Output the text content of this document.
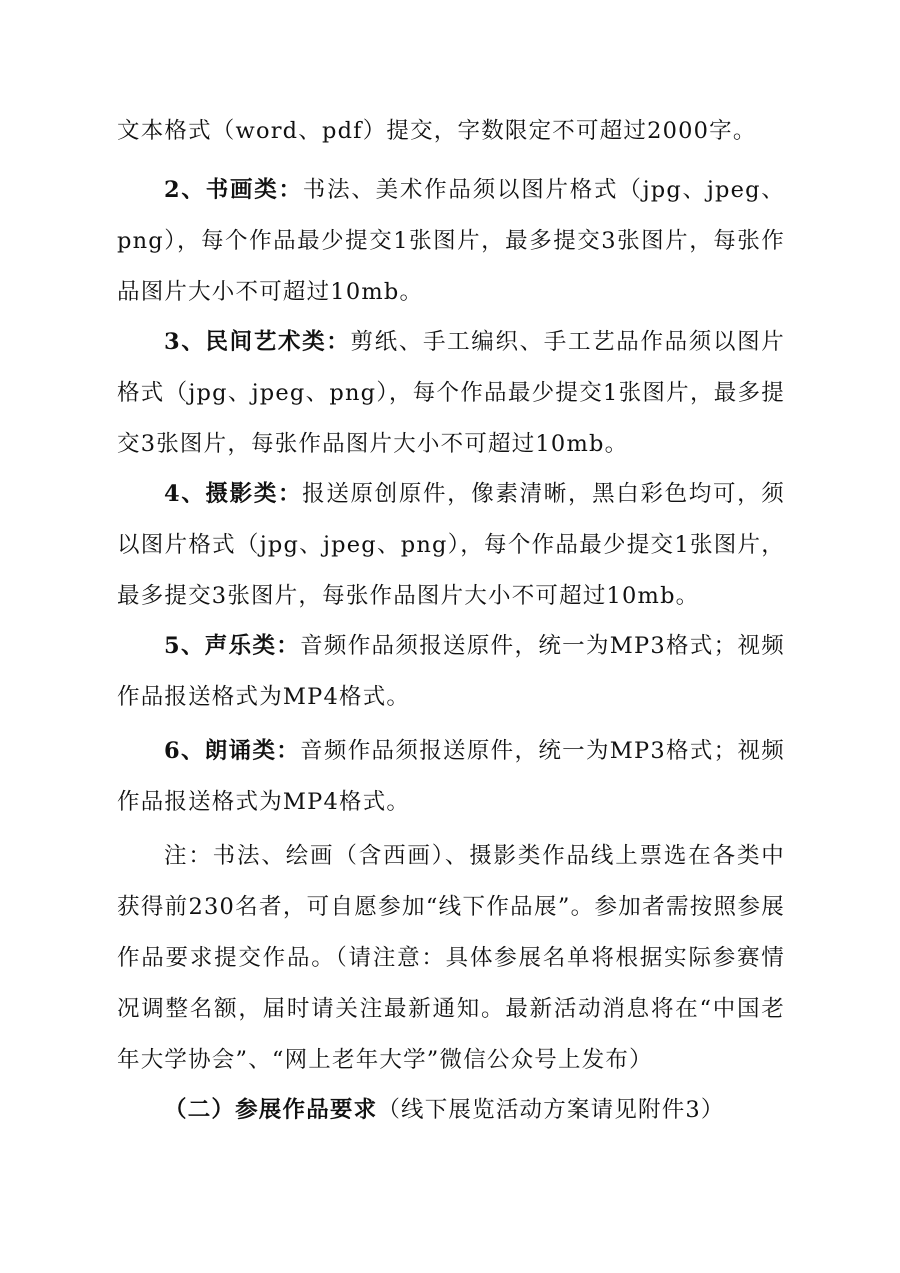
文本格式（word、pdf）提交，字数限定不可超过2000字。

2、书画类：书法、美术作品须以图片格式（jpg、jpeg、png），每个作品最少提交1张图片，最多提交3张图片，每张作品图片大小不可超过10mb。

3、民间艺术类：剪纸、手工编织、手工艺品作品须以图片格式（jpg、jpeg、png），每个作品最少提交1张图片，最多提交3张图片，每张作品图片大小不可超过10mb。

4、摄影类：报送原创原件，像素清晰，黑白彩色均可，须以图片格式（jpg、jpeg、png），每个作品最少提交1张图片，最多提交3张图片，每张作品图片大小不可超过10mb。

5、声乐类：音频作品须报送原件，统一为MP3格式；视频作品报送格式为MP4格式。

6、朗诵类：音频作品须报送原件，统一为MP3格式；视频作品报送格式为MP4格式。

注：书法、绘画（含西画）、摄影类作品线上票选在各类中获得前230名者，可自愿参加“线下作品展”。参加者需按照参展作品要求提交作品。（请注意：具体参展名单将根据实际参赛情况调整名额，届时请关注最新通知。最新活动消息将在“中国老年大学协会”、“网上老年大学”微信公众号上发布）

（二）参展作品要求（线下展览活动方案请见附件3）
